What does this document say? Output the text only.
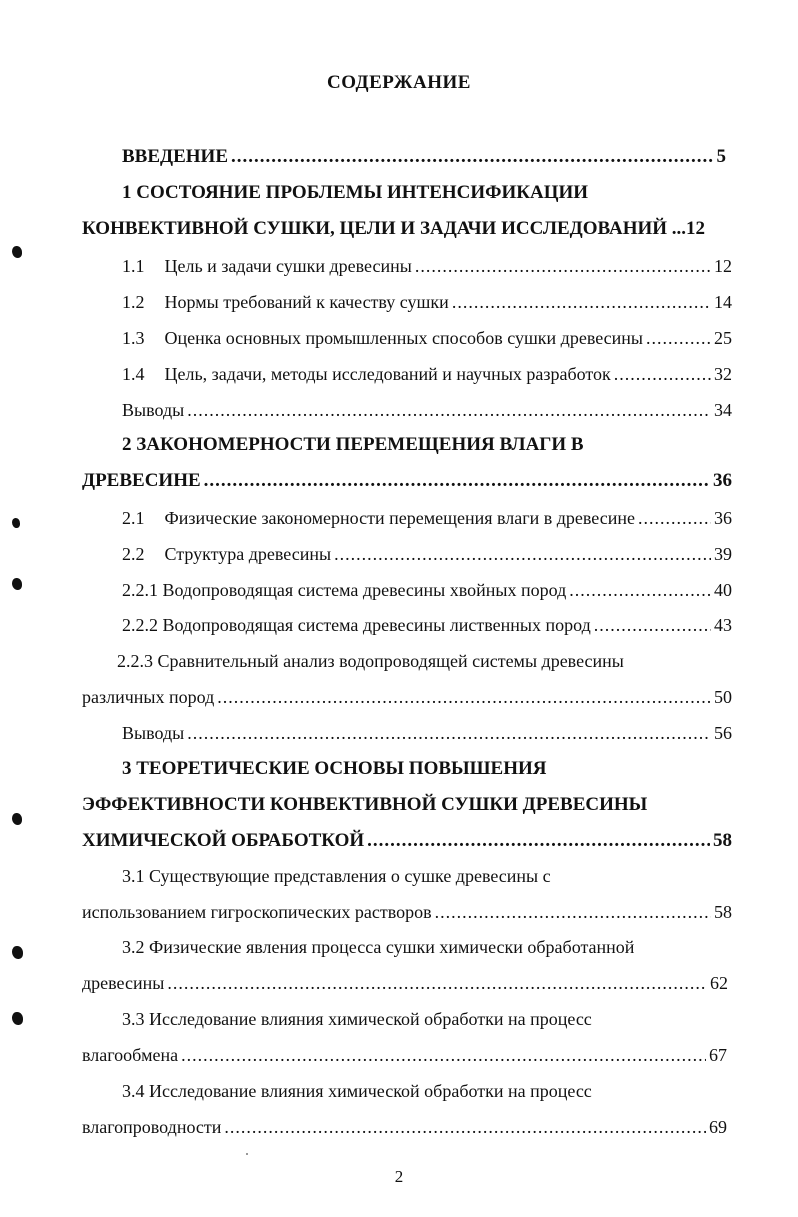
СОДЕРЖАНИЕ
ВВЕДЕНИЕ .....	5
1 СОСТОЯНИЕ ПРОБЛЕМЫ ИНТЕНСИФИКАЦИИ
КОНВЕКТИВНОЙ СУШКИ, ЦЕЛИ И ЗАДАЧИ ИССЛЕДОВАНИЙ ...12
1.1 Цель и задачи сушки древесины .....	12
1.2 Нормы требований к качеству сушки .....	14
1.3 Оценка основных промышленных способов сушки древесины .....	25
1.4 Цель, задачи, методы исследований и научных разработок .....	32
Выводы .....	34
2 ЗАКОНОМЕРНОСТИ ПЕРЕМЕЩЕНИЯ ВЛАГИ В
ДРЕВЕСИНЕ .....	36
2.1 Физические закономерности перемещения влаги в древесине .....	36
2.2 Структура древесины .....	39
2.2.1 Водопроводящая система древесины хвойных пород .....	40
2.2.2 Водопроводящая система древесины лиственных пород .....	43
2.2.3 Сравнительный анализ водопроводящей системы древесины
различных пород .....	50
Выводы .....	56
3 ТЕОРЕТИЧЕСКИЕ ОСНОВЫ ПОВЫШЕНИЯ
ЭФФЕКТИВНОСТИ КОНВЕКТИВНОЙ СУШКИ ДРЕВЕСИНЫ
ХИМИЧЕСКОЙ ОБРАБОТКОЙ .....	58
3.1 Существующие представления о сушке древесины с
использованием гигроскопических растворов .....	58
3.2 Физические явления процесса сушки химически обработанной
древесины .....	62
3.3 Исследование влияния химической обработки на процесс
влагообмена .....	67
3.4 Исследование влияния химической обработки на процесс
влагопроводности .....	69
2
